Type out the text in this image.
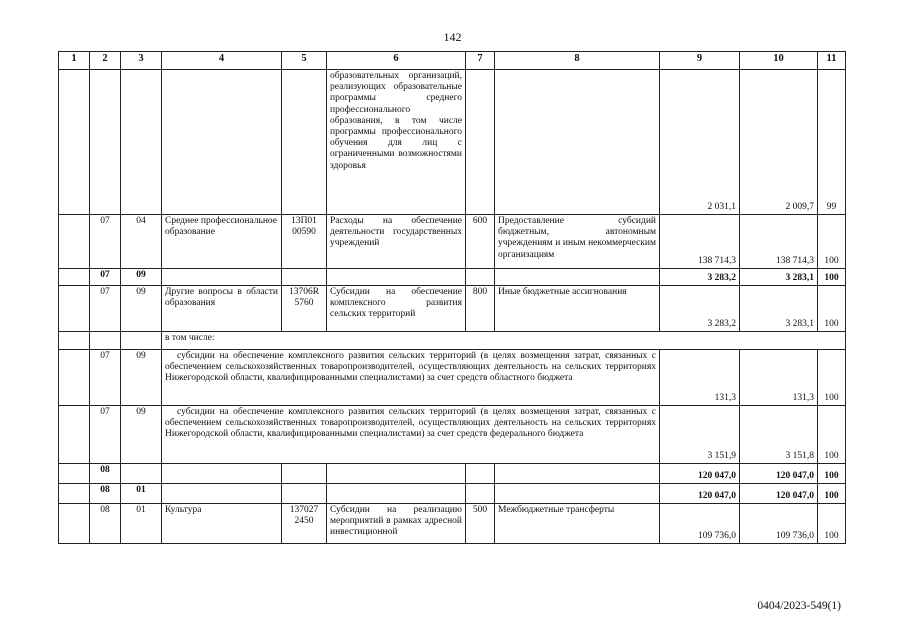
142
1	2	3	4	5	6	7	8	9	10	11
					образовательных организаций, реализующих образовательные программы среднего профессионального образования, в том числе программы профессионального обучения для лиц с ограниченными возможностями здоровья			2 031,1	2 009,7	99
	07	04	Среднее профессиональное образование	13П01 00590	Расходы на обеспечение деятельности государственных учреждений	600	Предоставление субсидий бюджетным, автономным учреждениям и иным некоммерческим организациям	138 714,3	138 714,3	100
	07	09						3 283,2	3 283,1	100
	07	09	Другие вопросы в области образования	13706R 5760	Субсидии на обеспечение комплексного развития сельских территорий	800	Иные бюджетные ассигнования	3 283,2	3 283,1	100
			в том числе:							
	07	09	субсидии на обеспечение комплексного развития сельских территорий (в целях возмещения затрат, связанных с обеспечением сельскохозяйственных товаропроизводителей, осуществляющих деятельность на сельских территориях Нижегородской области, квалифицированными специалистами) за счет средств областного бюджета					131,3	131,3	100
	07	09	субсидии на обеспечение комплексного развития сельских территорий (в целях возмещения затрат, связанных с обеспечением сельскохозяйственных товаропроизводителей, осуществляющих деятельность на сельских территориях Нижегородской области, квалифицированными специалистами) за счет средств федерального бюджета					3 151,9	3 151,8	100
	08							120 047,0	120 047,0	100
	08	01						120 047,0	120 047,0	100
	08	01	Культура	137027 2450	Субсидии на реализацию мероприятий в рамках адресной инвестиционной	500	Межбюджетные трансферты	109 736,0	109 736,0	100
0404/2023-549(1)
